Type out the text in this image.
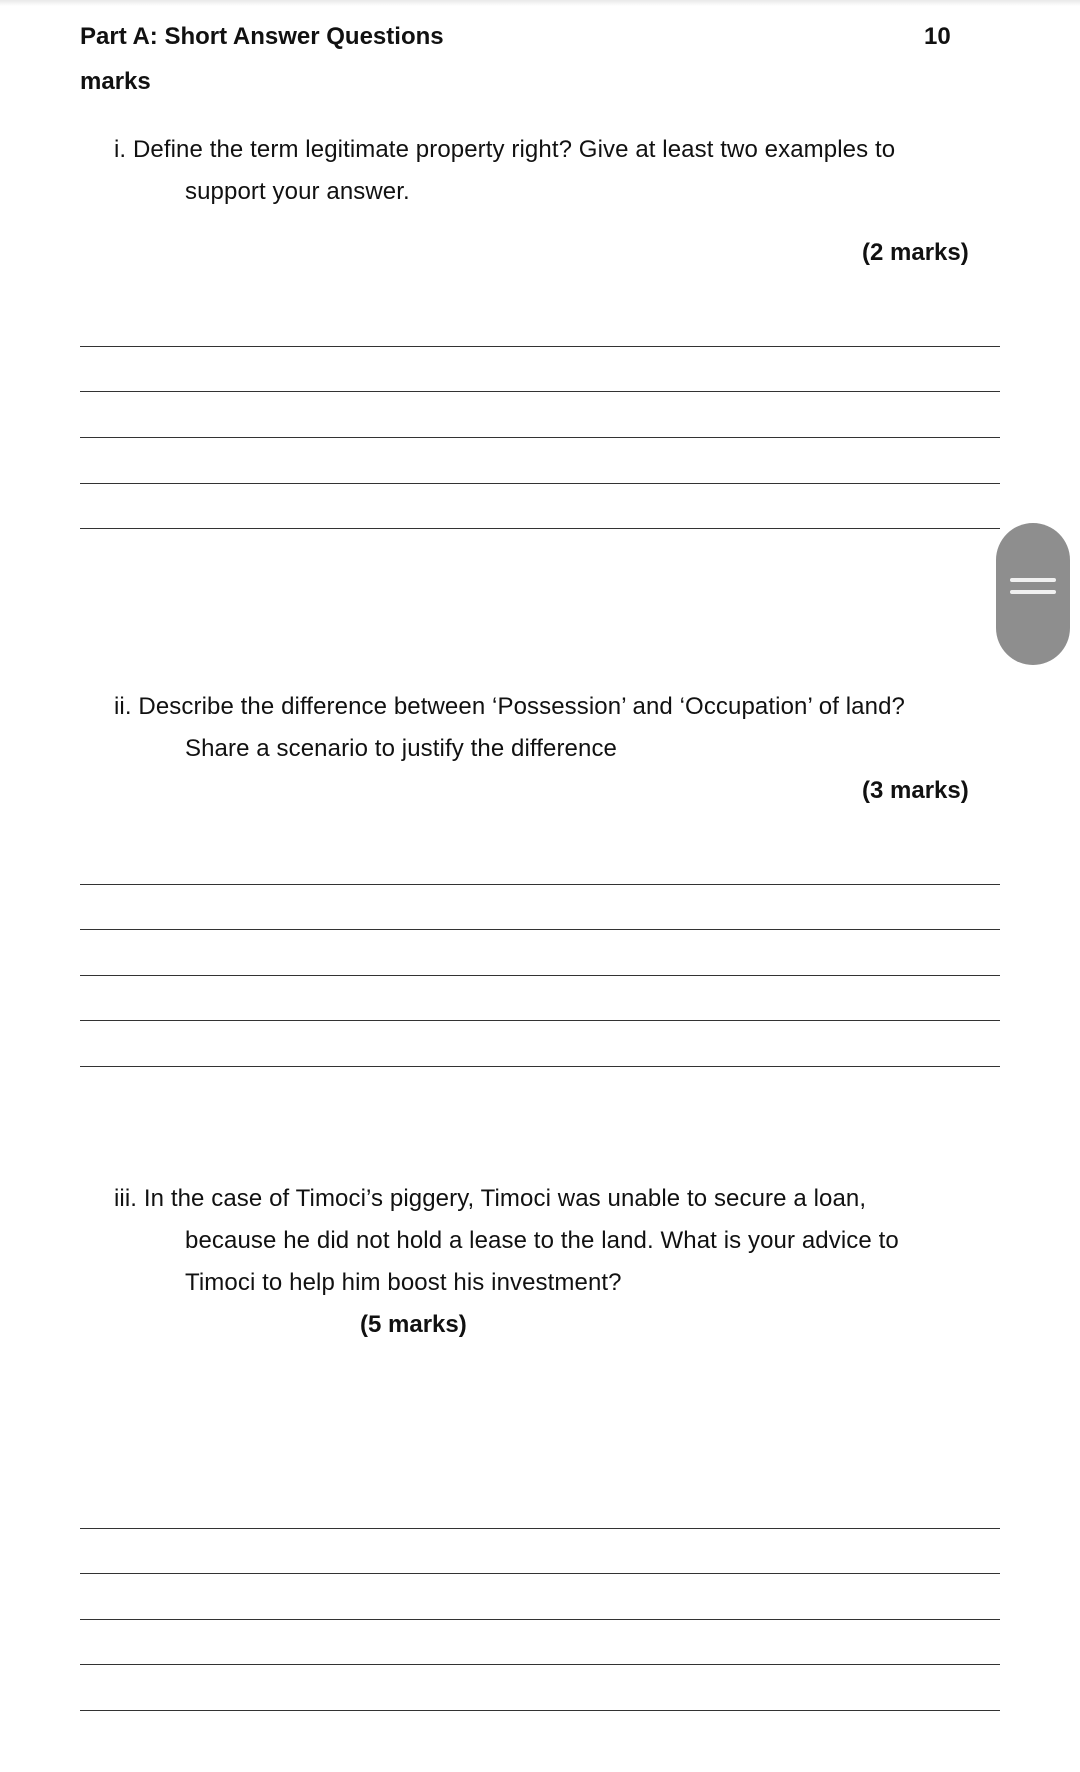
Part A: Short Answer Questions	10
marks
i. Define the term legitimate property right? Give at least two examples to
support your answer.
(2 marks)
ii. Describe the difference between ‘Possession’ and ‘Occupation’ of land?
Share a scenario to justify the difference
(3 marks)
iii. In the case of Timoci’s piggery, Timoci was unable to secure a loan,
because he did not hold a lease to the land. What is your advice to
Timoci to help him boost his investment?
(5 marks)
